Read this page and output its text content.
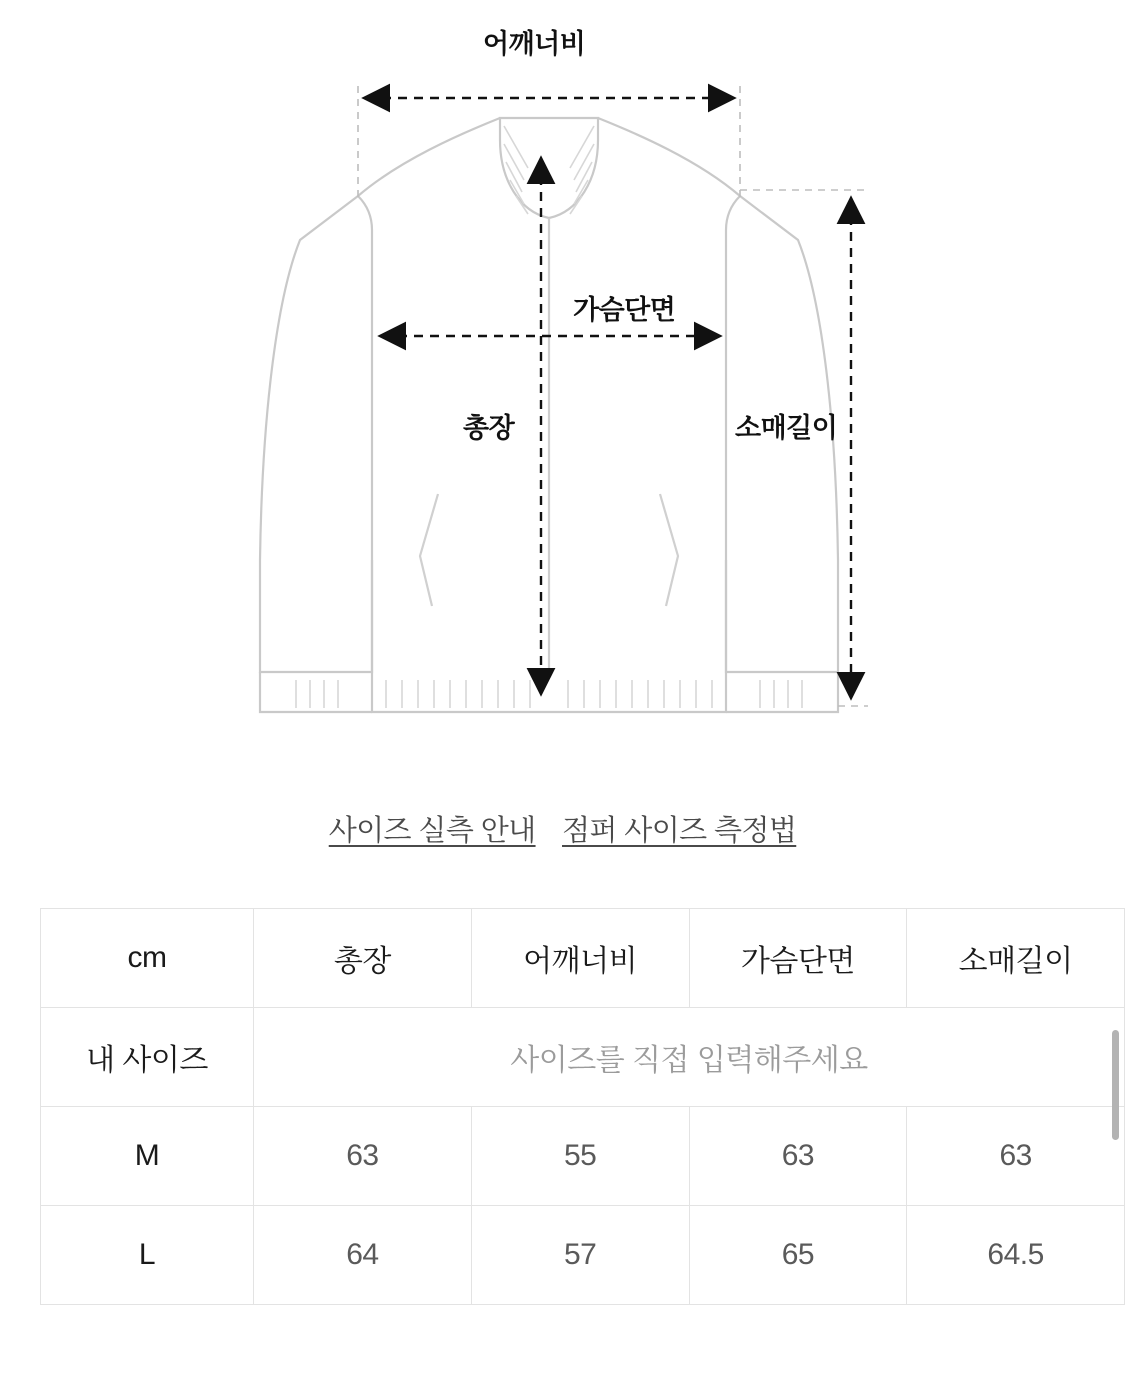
어깨너비
가슴단면
총장	소매길이
사이즈 실측 안내 점퍼 사이즈 측정법
cm	총장	어깨너비	가슴단면	소매길이
내 사이즈	사이즈를 직접 입력해주세요			
M	63	55	63	63
L	64	57	65	64.5
